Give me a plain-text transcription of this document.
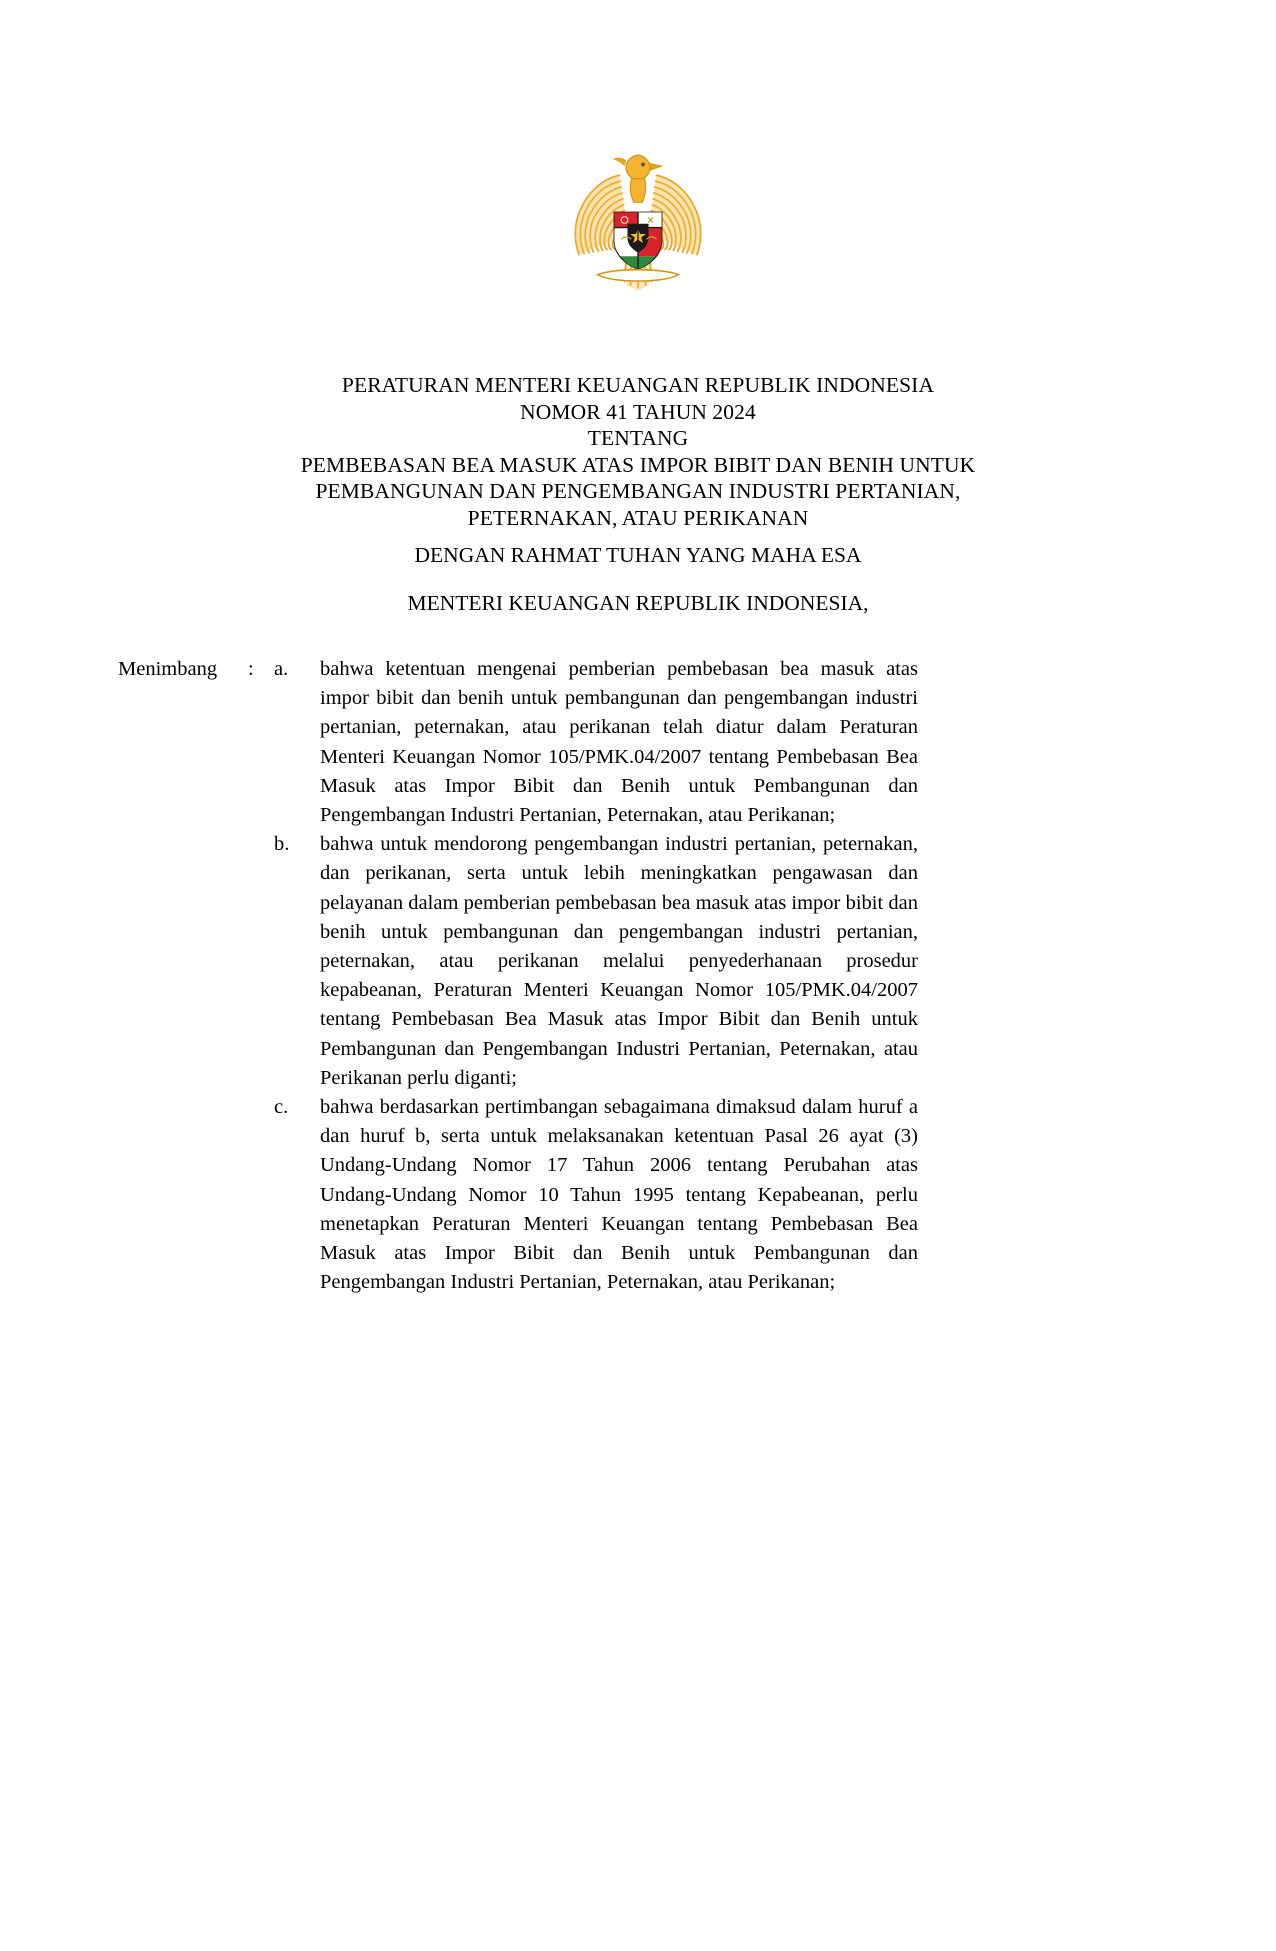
PERATURAN MENTERI KEUANGAN REPUBLIK INDONESIA
NOMOR 41 TAHUN 2024
TENTANG
PEMBEBASAN BEA MASUK ATAS IMPOR BIBIT DAN BENIH UNTUK
PEMBANGUNAN DAN PENGEMBANGAN INDUSTRI PERTANIAN,
PETERNAKAN, ATAU PERIKANAN
DENGAN RAHMAT TUHAN YANG MAHA ESA
MENTERI KEUANGAN REPUBLIK INDONESIA,
Menimbang	: a.	bahwa ketentuan mengenai pemberian pembebasan bea masuk atas impor bibit dan benih untuk pembangunan dan pengembangan industri pertanian, peternakan, atau perikanan telah diatur dalam Peraturan Menteri Keuangan Nomor 105/PMK.04/2007 tentang Pembebasan Bea Masuk atas Impor Bibit dan Benih untuk Pembangunan dan Pengembangan Industri Pertanian, Peternakan, atau Perikanan;
b.	bahwa untuk mendorong pengembangan industri pertanian, peternakan, dan perikanan, serta untuk lebih meningkatkan pengawasan dan pelayanan dalam pemberian pembebasan bea masuk atas impor bibit dan benih untuk pembangunan dan pengembangan industri pertanian, peternakan, atau perikanan melalui penyederhanaan prosedur kepabeanan, Peraturan Menteri Keuangan Nomor 105/PMK.04/2007 tentang Pembebasan Bea Masuk atas Impor Bibit dan Benih untuk Pembangunan dan Pengembangan Industri Pertanian, Peternakan, atau Perikanan perlu diganti;
c.	bahwa berdasarkan pertimbangan sebagaimana dimaksud dalam huruf a dan huruf b, serta untuk melaksanakan ketentuan Pasal 26 ayat (3) Undang-Undang Nomor 17 Tahun 2006 tentang Perubahan atas Undang-Undang Nomor 10 Tahun 1995 tentang Kepabeanan, perlu menetapkan Peraturan Menteri Keuangan tentang Pembebasan Bea Masuk atas Impor Bibit dan Benih untuk Pembangunan dan Pengembangan Industri Pertanian, Peternakan, atau Perikanan;
